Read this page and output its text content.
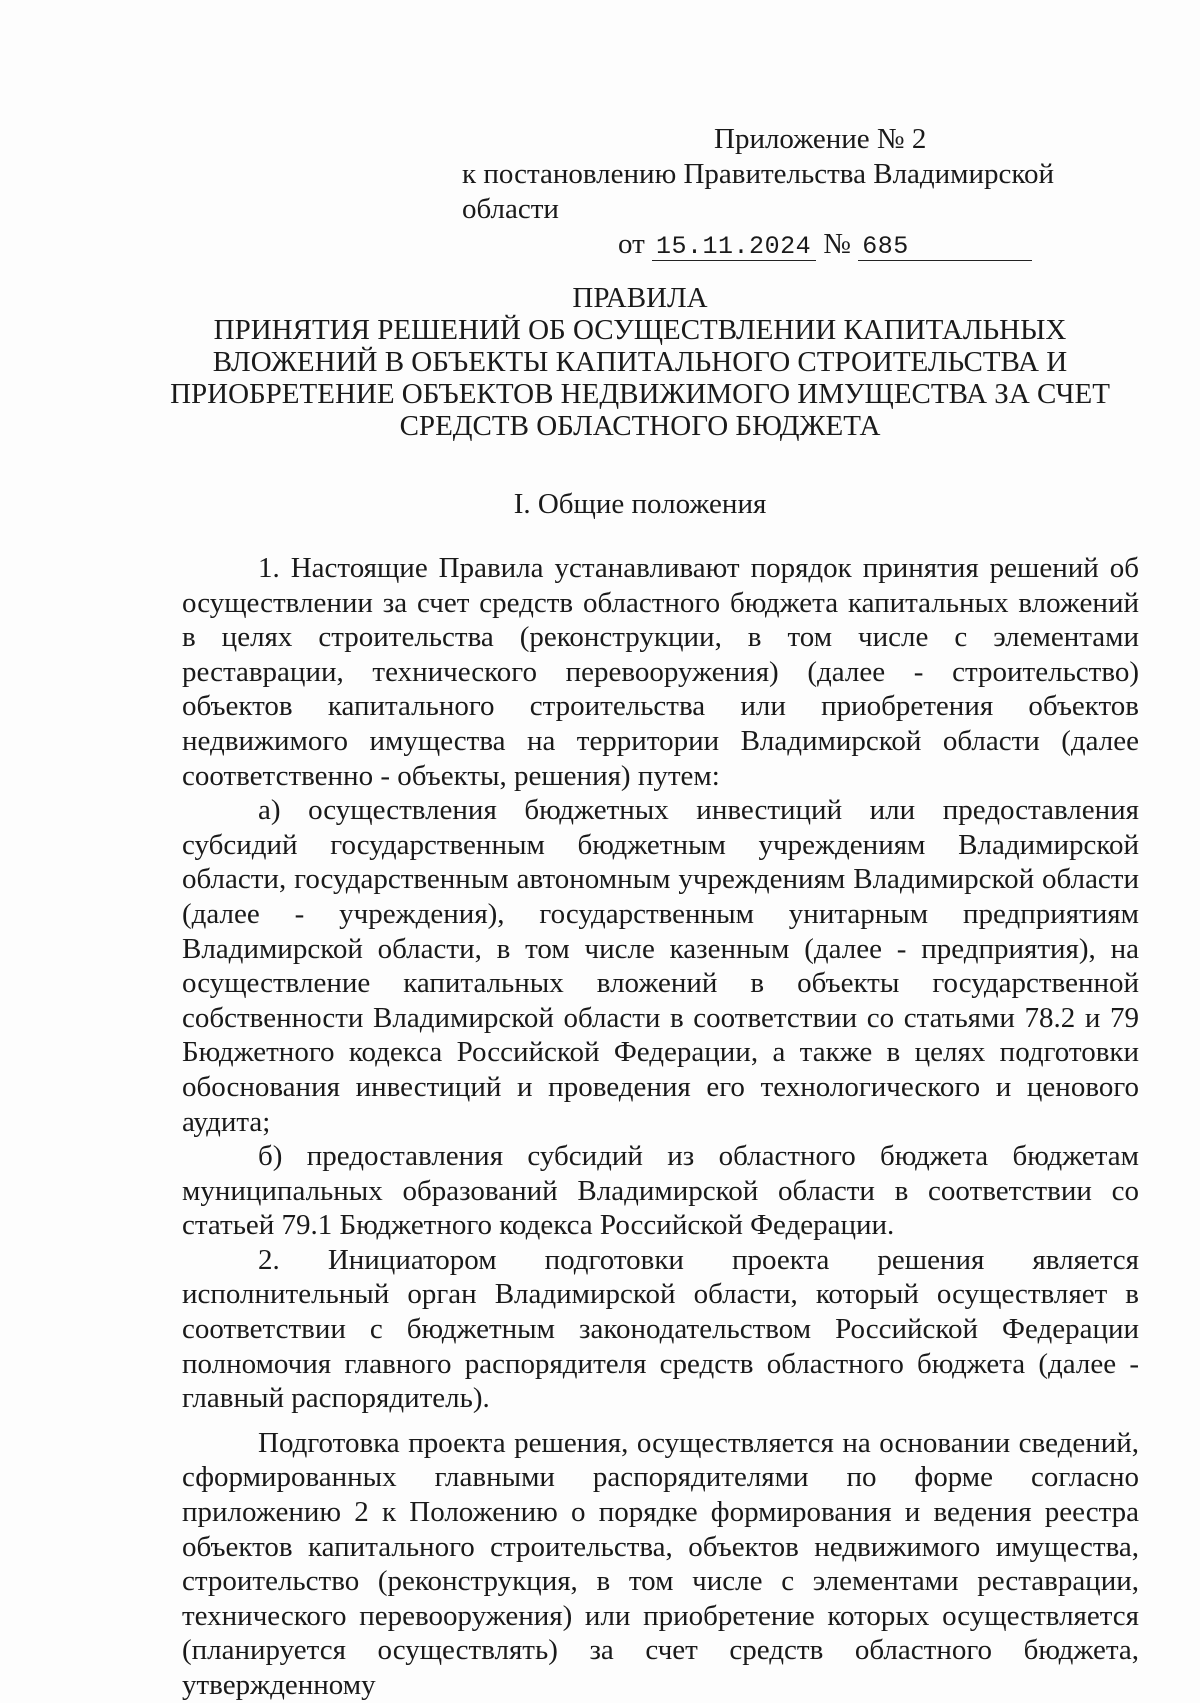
Приложение № 2
к постановлению Правительства Владимирской области
от 15.11.2024 № 685
ПРАВИЛА
ПРИНЯТИЯ РЕШЕНИЙ ОБ ОСУЩЕСТВЛЕНИИ КАПИТАЛЬНЫХ
ВЛОЖЕНИЙ В ОБЪЕКТЫ КАПИТАЛЬНОГО СТРОИТЕЛЬСТВА И
ПРИОБРЕТЕНИЕ ОБЪЕКТОВ НЕДВИЖИМОГО ИМУЩЕСТВА ЗА СЧЕТ
СРЕДСТВ ОБЛАСТНОГО БЮДЖЕТА
I. Общие положения

1. Настоящие Правила устанавливают порядок принятия решений об осуществлении за счет средств областного бюджета капитальных вложений в целях строительства (реконструкции, в том числе с элементами реставрации, технического перевооружения) (далее - строительство) объектов капитального строительства или приобретения объектов недвижимого имущества на территории Владимирской области (далее соответственно - объекты, решения) путем:

а) осуществления бюджетных инвестиций или предоставления субсидий государственным бюджетным учреждениям Владимирской области, государственным автономным учреждениям Владимирской области (далее - учреждения), государственным унитарным предприятиям Владимирской области, в том числе казенным (далее - предприятия), на осуществление капитальных вложений в объекты государственной собственности Владимирской области в соответствии со статьями 78.2 и 79 Бюджетного кодекса Российской Федерации, а также в целях подготовки обоснования инвестиций и проведения его технологического и ценового аудита;

б) предоставления субсидий из областного бюджета бюджетам муниципальных образований Владимирской области в соответствии со статьей 79.1 Бюджетного кодекса Российской Федерации.

2. Инициатором подготовки проекта решения является исполнительный орган Владимирской области, который осуществляет в соответствии с бюджетным законодательством Российской Федерации полномочия главного распорядителя средств областного бюджета (далее - главный распорядитель).

Подготовка проекта решения, осуществляется на основании сведений, сформированных главными распорядителями по форме согласно приложению 2 к Положению о порядке формирования и ведения реестра объектов капитального строительства, объектов недвижимого имущества, строительство (реконструкция, в том числе с элементами реставрации, технического перевооружения) или приобретение которых осуществляется (планируется осуществлять) за счет средств областного бюджета, утвержденному
